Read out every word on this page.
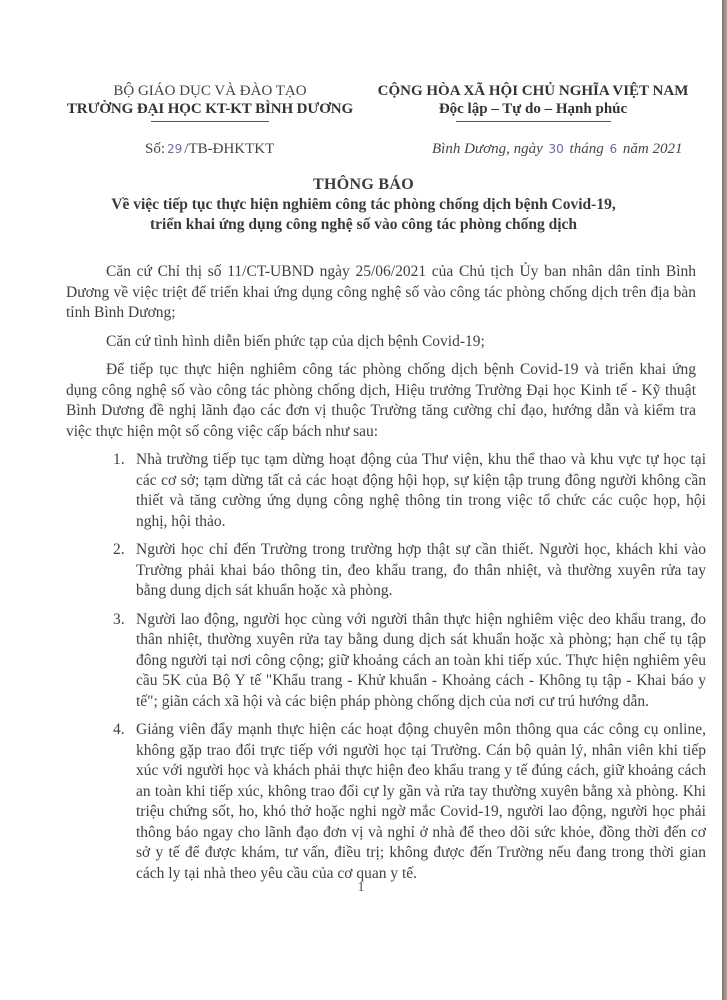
BỘ GIÁO DỤC VÀ ĐÀO TẠO
TRƯỜNG ĐẠI HỌC KT-KT BÌNH DƯƠNG
CỘNG HÒA XÃ HỘI CHỦ NGHĨA VIỆT NAM
Độc lập – Tự do – Hạnh phúc
Số: 29 /TB-ĐHKTKT	Bình Dương, ngày 30 tháng 6 năm 2021
THÔNG BÁO
Về việc tiếp tục thực hiện nghiêm công tác phòng chống dịch bệnh Covid-19,
triển khai ứng dụng công nghệ số vào công tác phòng chống dịch

Căn cứ Chỉ thị số 11/CT-UBND ngày 25/06/2021 của Chủ tịch Ủy ban nhân dân tỉnh Bình Dương về việc triệt để triển khai ứng dụng công nghệ số vào công tác phòng chống dịch trên địa bàn tỉnh Bình Dương;

Căn cứ tình hình diễn biến phức tạp của dịch bệnh Covid-19;

Để tiếp tục thực hiện nghiêm công tác phòng chống dịch bệnh Covid-19 và triển khai ứng dụng công nghệ số vào công tác phòng chống dịch, Hiệu trưởng Trường Đại học Kinh tế - Kỹ thuật Bình Dương đề nghị lãnh đạo các đơn vị thuộc Trường tăng cường chỉ đạo, hướng dẫn và kiểm tra việc thực hiện một số công việc cấp bách như sau:

1. Nhà trường tiếp tục tạm dừng hoạt động của Thư viện, khu thể thao và khu vực tự học tại các cơ sở; tạm dừng tất cả các hoạt động hội họp, sự kiện tập trung đông người không cần thiết và tăng cường ứng dụng công nghệ thông tin trong việc tổ chức các cuộc họp, hội nghị, hội thảo.
2. Người học chỉ đến Trường trong trường hợp thật sự cần thiết. Người học, khách khi vào Trường phải khai báo thông tin, đeo khẩu trang, đo thân nhiệt, và thường xuyên rửa tay bằng dung dịch sát khuẩn hoặc xà phòng.
3. Người lao động, người học cùng với người thân thực hiện nghiêm việc deo khẩu trang, đo thân nhiệt, thường xuyên rửa tay bằng dung dịch sát khuẩn hoặc xà phòng; hạn chế tụ tập đông người tại nơi công cộng; giữ khoảng cách an toàn khi tiếp xúc. Thực hiện nghiêm yêu cầu 5K của Bộ Y tế "Khẩu trang - Khử khuẩn - Khoảng cách - Không tụ tập - Khai báo y tế"; giãn cách xã hội và các biện pháp phòng chống dịch của nơi cư trú hướng dẫn.
4. Giảng viên đẩy mạnh thực hiện các hoạt động chuyên môn thông qua các công cụ online, không gặp trao đổi trực tiếp với người học tại Trường. Cán bộ quản lý, nhân viên khi tiếp xúc với người học và khách phải thực hiện đeo khẩu trang y tế đúng cách, giữ khoảng cách an toàn khi tiếp xúc, không trao đổi cự ly gần và rửa tay thường xuyên bằng xà phòng. Khi triệu chứng sốt, ho, khó thở hoặc nghi ngờ mắc Covid-19, người lao động, người học phải thông báo ngay cho lãnh đạo đơn vị và nghỉ ở nhà để theo dõi sức khỏe, đồng thời đến cơ sở y tế để được khám, tư vấn, điều trị; không được đến Trường nếu đang trong thời gian cách ly tại nhà theo yêu cầu của cơ quan y tế.
1
